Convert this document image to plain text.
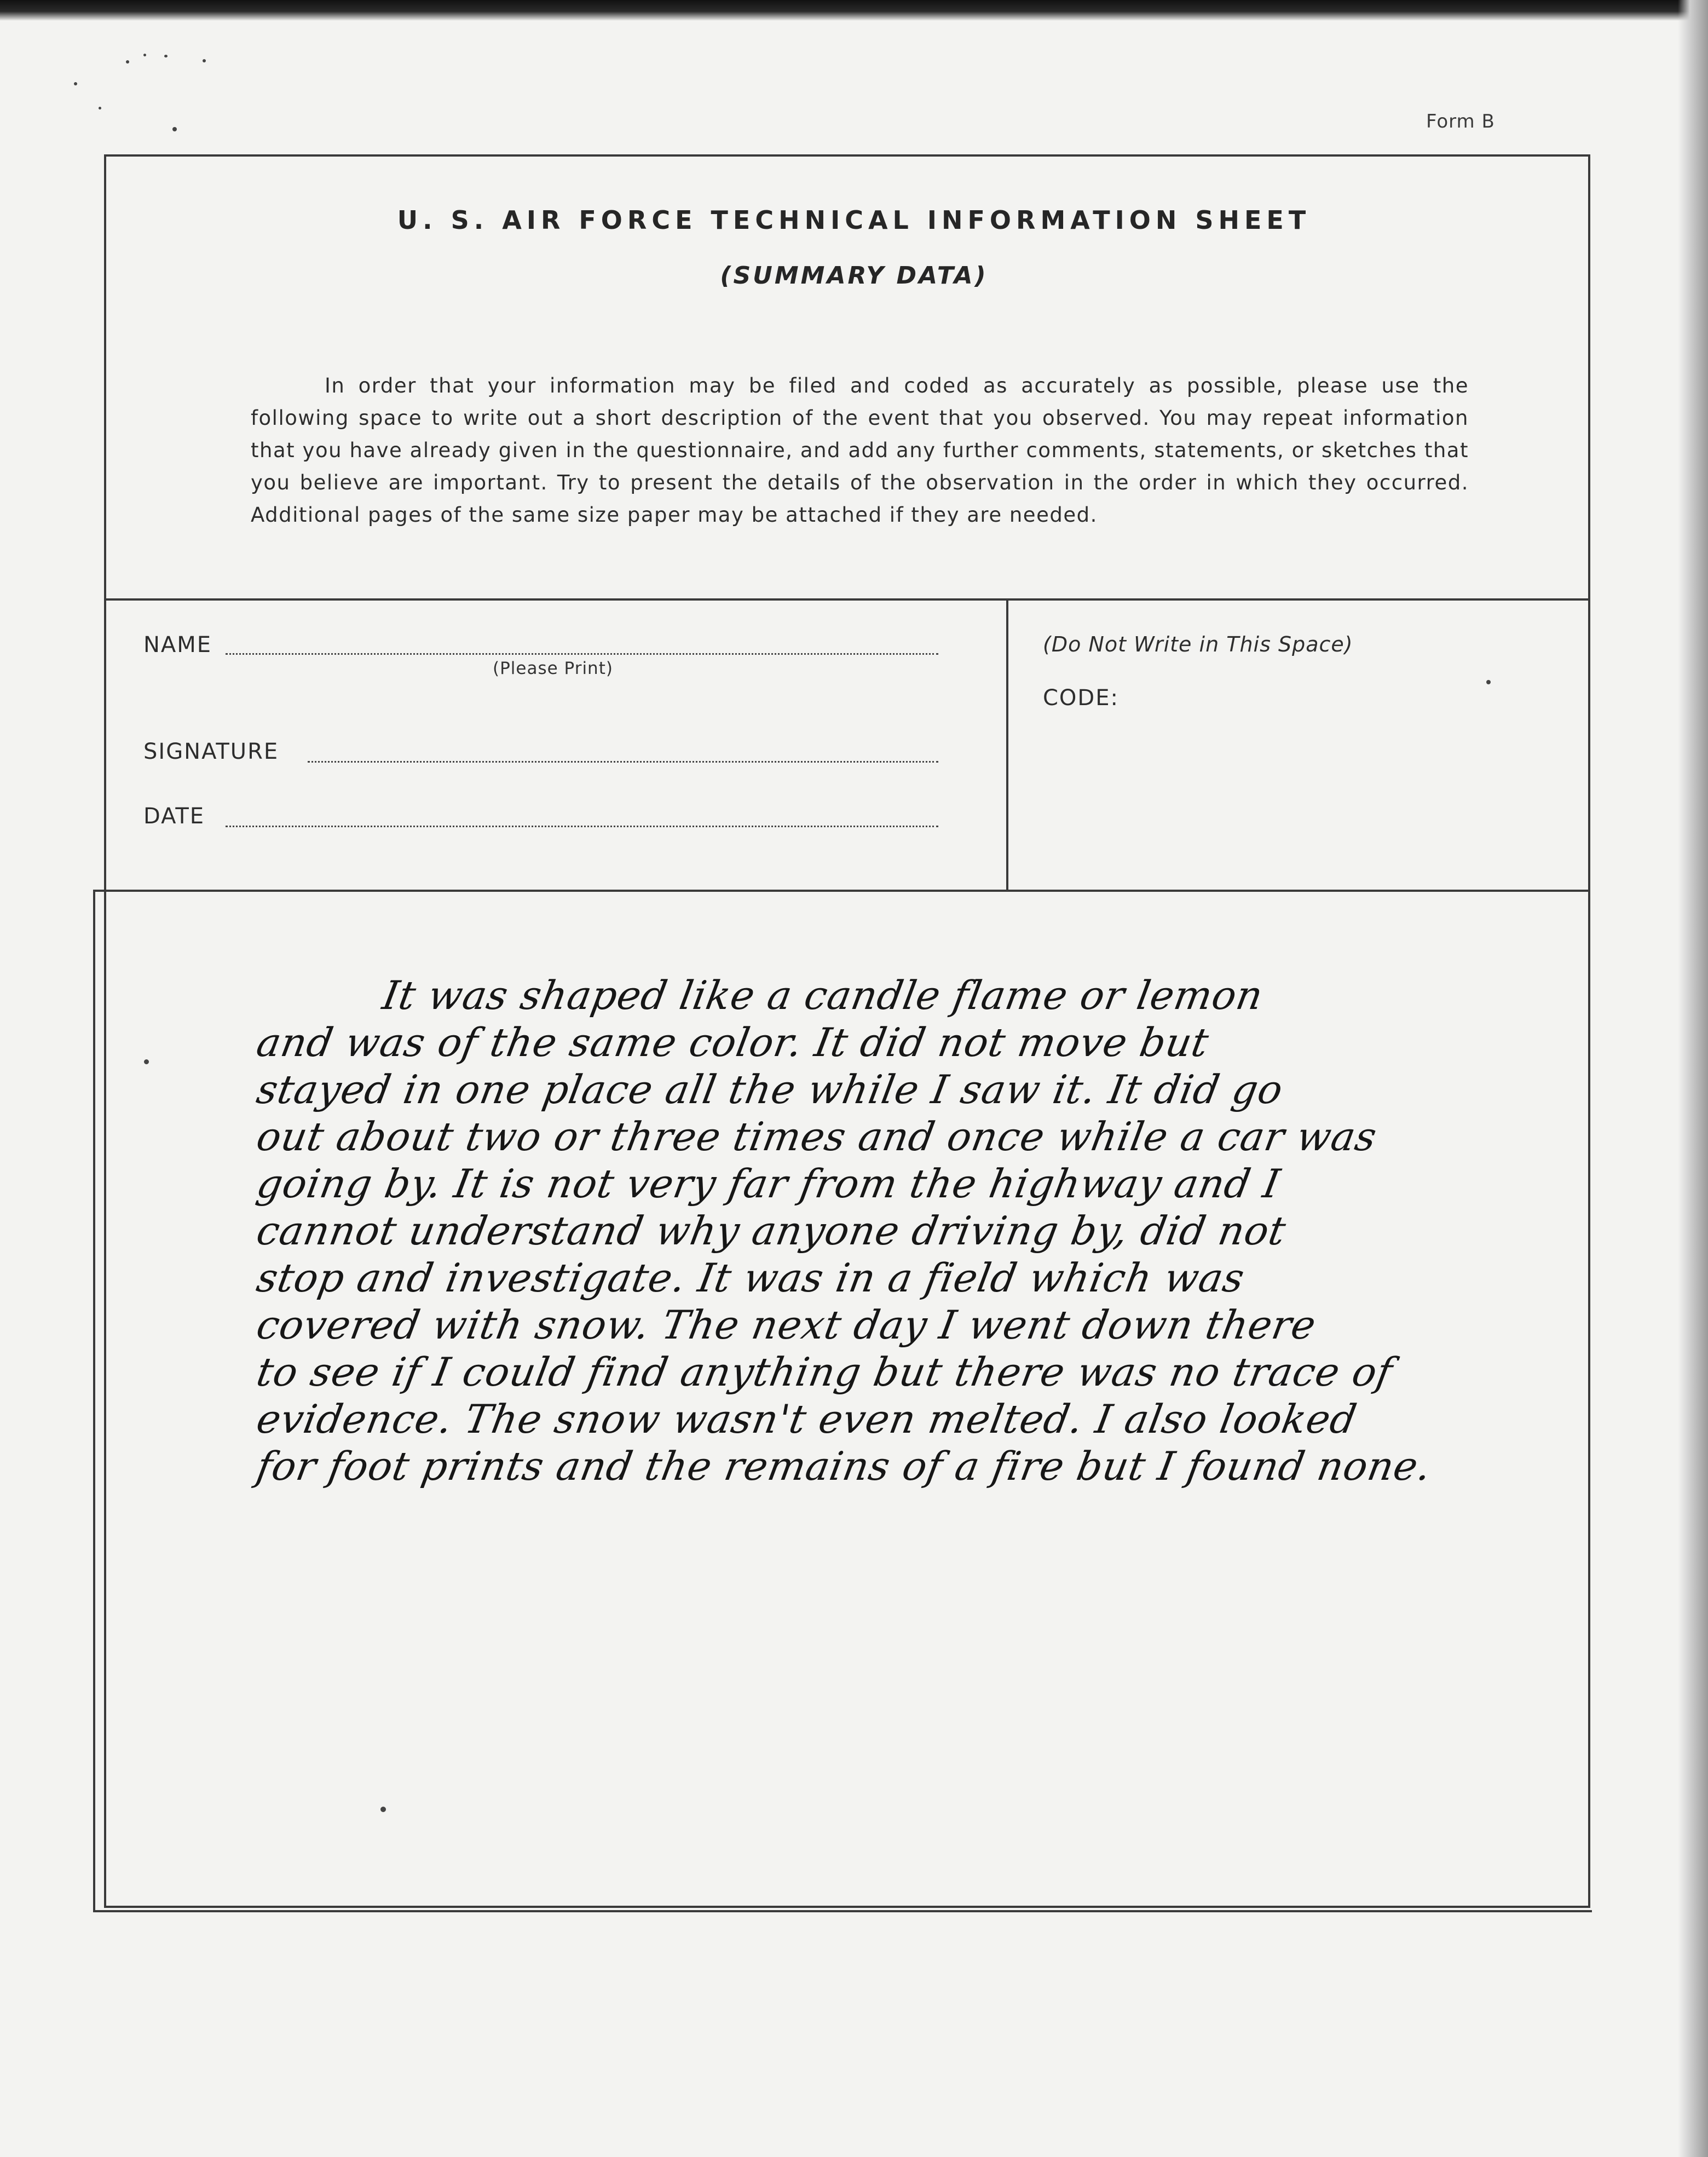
Form B
U. S. AIR FORCE TECHNICAL INFORMATION SHEET
(SUMMARY DATA)
In order that your information may be filed and coded as accurately as possible, please use the following space to write out a short description of the event that you observed. You may repeat information that you have already given in the questionnaire, and add any further comments, statements, or sketches that you believe are important. Try to present the details of the observation in the order in which they occurred. Additional pages of the same size paper may be attached if they are needed.
NAME
(Please Print)
SIGNATURE
DATE
(Do Not Write in This Space)
CODE:
It was shaped like a candle flame or lemon
and was of the same color. It did not move but
stayed in one place all the while I saw it. It did go
out about two or three times and once while a car was
going by. It is not very far from the highway and I
cannot understand why anyone driving by, did not
stop and investigate. It was in a field which was
covered with snow. The next day I went down there
to see if I could find anything but there was no trace of
evidence. The snow wasn't even melted. I also looked
for foot prints and the remains of a fire but I found none.
